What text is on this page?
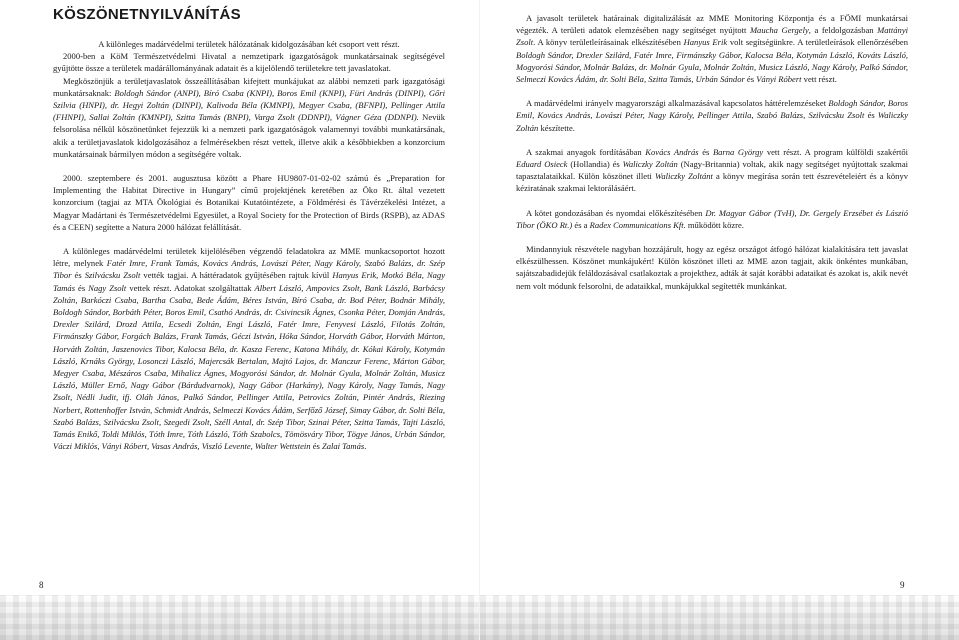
KÖSZÖNETNYILVÁNÍTÁS

A különleges madárvédelmi területek hálózatának kidolgozásában két csoport vett részt.

2000-ben a KöM Természetvédelmi Hivatal a nemzetipark igazgatóságok munkatársainak segítségével gyűjtötte össze a területek madárállományának adatait és a kijelölendő területekre tett javaslatokat.

Megköszönjük a területjavaslatok összeállításában kifejtett munkájukat az alábbi nemzeti park igazgatósági munkatársaknak: Boldogh Sándor (ANPI), Bíró Csaba (KNPI), Boros Emil (KNPI), Füri András (DINPI), Gőri Szilvia (HNPI), dr. Hegyi Zoltán (DINPI), Kalivoda Béla (KMNPI), Megyer Csaba, (BFNPI), Pellinger Attila (FHNPI), Sallai Zoltán (KMNPI), Szitta Tamás (BNPI), Varga Zsolt (DDNPI), Vágner Géza (DDNPI). Nevük felsorolása nélkül köszönetünket fejezzük ki a nemzeti park igazgatóságok valamennyi további munkatársának, akik a területjavaslatok kidolgozásához a felmérésekben részt vettek, illetve akik a későbbiekben a konzorcium munkatársainak bármilyen módon a segítségére voltak.

2000. szeptembere és 2001. augusztusa között a Phare HU9807-01-02-02 számú és „Preparation for Implementing the Habitat Directive in Hungary” című projektjének keretében az Öko Rt. által vezetett konzorcium (tagjai az MTA Ökológiai és Botanikai Kutatóintézete, a Földmérési és Távérzékelési Intézet, a Magyar Madártani és Természetvédelmi Egyesület, a Royal Society for the Protection of Birds (RSPB), az ADAS és a CEEN) segítette a Natura 2000 hálózat felállítását.

A különleges madárvédelmi területek kijelölésében végzendő feladatokra az MME munkacsoportot hozott létre, melynek Fatér Imre, Frank Tamás, Kovács András, Lovászi Péter, Nagy Károly, Szabó Balázs, dr. Szép Tibor és Szilvácsku Zsolt vették tagjai. A háttéradatok gyűjtésében rajtuk kívül Hanyus Erik, Motkó Béla, Nagy Tamás és Nagy Zsolt vettek részt. Adatokat szolgáltattak Albert László, Ampovics Zsolt, Bank László, Barbácsy Zoltán, Barkóczi Csaba, Bartha Csaba, Bede Ádám, Béres István, Bíró Csaba, dr. Bod Péter, Bodnár Mihály, Boldogh Sándor, Borbáth Péter, Boros Emil, Csathó András, dr. Csivincsik Ágnes, Csonka Péter, Domján András, Drexler Szilárd, Drozd Attila, Ecsedi Zoltán, Engi László, Fatér Imre, Fenyvesi László, Filotás Zoltán, Firmánszky Gábor, Forgách Balázs, Frank Tamás, Géczi István, Hóka Sándor, Horváth Gábor, Horváth Márton, Horváth Zoltán, Jaszenovics Tibor, Kalocsa Béla, dr. Kasza Ferenc, Katona Mihály, dr. Kókai Károly, Kotymán László, Krnáks György, Losonczi László, Majercsák Bertalan, Majtó Lajos, dr. Manczur Ferenc, Márton Gábor, Megyer Csaba, Mészáros Csaba, Mihalicz Ágnes, Mogyorósi Sándor, dr. Molnár Gyula, Molnár Zoltán, Musicz László, Müller Ernő, Nagy Gábor (Bárdudvarnok), Nagy Gábor (Harkány), Nagy Károly, Nagy Tamás, Nagy Zsolt, Nédli Judit, ifj. Oláh János, Palkó Sándor, Pellinger Attila, Petrovics Zoltán, Pintér András, Riezing Norbert, Rottenhoffer István, Schmidt András, Selmeczi Kovács Ádám, Serfőző József, Simay Gábor, dr. Solti Béla, Szabó Balázs, Szilvácsku Zsolt, Szegedi Zsolt, Széll Antal, dr. Szép Tibor, Szinai Péter, Szitta Tamás, Tajti László, Tamás Enikő, Toldi Miklós, Tóth Imre, Tóth László, Tóth Szabolcs, Tömösváry Tibor, Tögye János, Urbán Sándor, Váczi Miklós, Ványi Róbert, Vasas András, Viszló Levente, Walter Wettstein és Zalai Tamás.

8

A javasolt területek határainak digitalizálását az MME Monitoring Központja és a FÖMI munkatársai végezték. A területi adatok elemzésében nagy segítséget nyújtott Maucha Gergely, a feldolgozásban Mattányi Zsolt. A könyv területleírásainak elkészítésében Hanyus Erik volt segítségünkre. A területleírások ellenőrzésében Boldogh Sándor, Drexler Szilárd, Fatér Imre, Firmánszky Gábor, Kalocsa Béla, Kotymán László, Kováts László, Mogyorósi Sándor, Molnár Balázs, dr. Molnár Gyula, Molnár Zoltán, Musicz László, Nagy Károly, Palkó Sándor, Selmeczi Kovács Ádám, dr. Solti Béla, Szitta Tamás, Urbán Sándor és Ványi Róbert vett részt.

A madárvédelmi irányelv magyarországi alkalmazásával kapcsolatos háttérelemzéseket Boldogh Sándor, Boros Emil, Kovács András, Lovászi Péter, Nagy Károly, Pellinger Attila, Szabó Balázs, Szilvácsku Zsolt és Waliczky Zoltán készítette.

A szakmai anyagok fordításában Kovács András és Barna György vett részt. A program külföldi szakértői Eduard Osieck (Hollandia) és Waliczky Zoltán (Nagy-Britannia) voltak, akik nagy segítséget nyújtottak szakmai tapasztalataikkal. Külön köszönet illeti Waliczky Zoltánt a könyv megírása során tett észrevételeiért és a könyv kéziratának szakmai lektorálásáért.

A kötet gondozásában és nyomdai előkészítésében Dr. Magyar Gábor (TvH), Dr. Gergely Erzsébet és Lászió Tibor (ÖKO Rt.) és a Radex Communications Kft. működött közre.

Mindannyiuk részvétele nagyban hozzájárult, hogy az egész országot átfogó hálózat kialakítására tett javaslat elkészülhessen. Köszönet munkájukért! Külön köszönet illeti az MME azon tagjait, akik önkéntes munkában, sajátszabadidejük feláldozásával csatlakoztak a projekthez, adták át saját korábbi adataikat és azokat is, akik nevét nem volt módunk felsorolni, de adataikkal, munkájukkal segítették munkánkat.

9
